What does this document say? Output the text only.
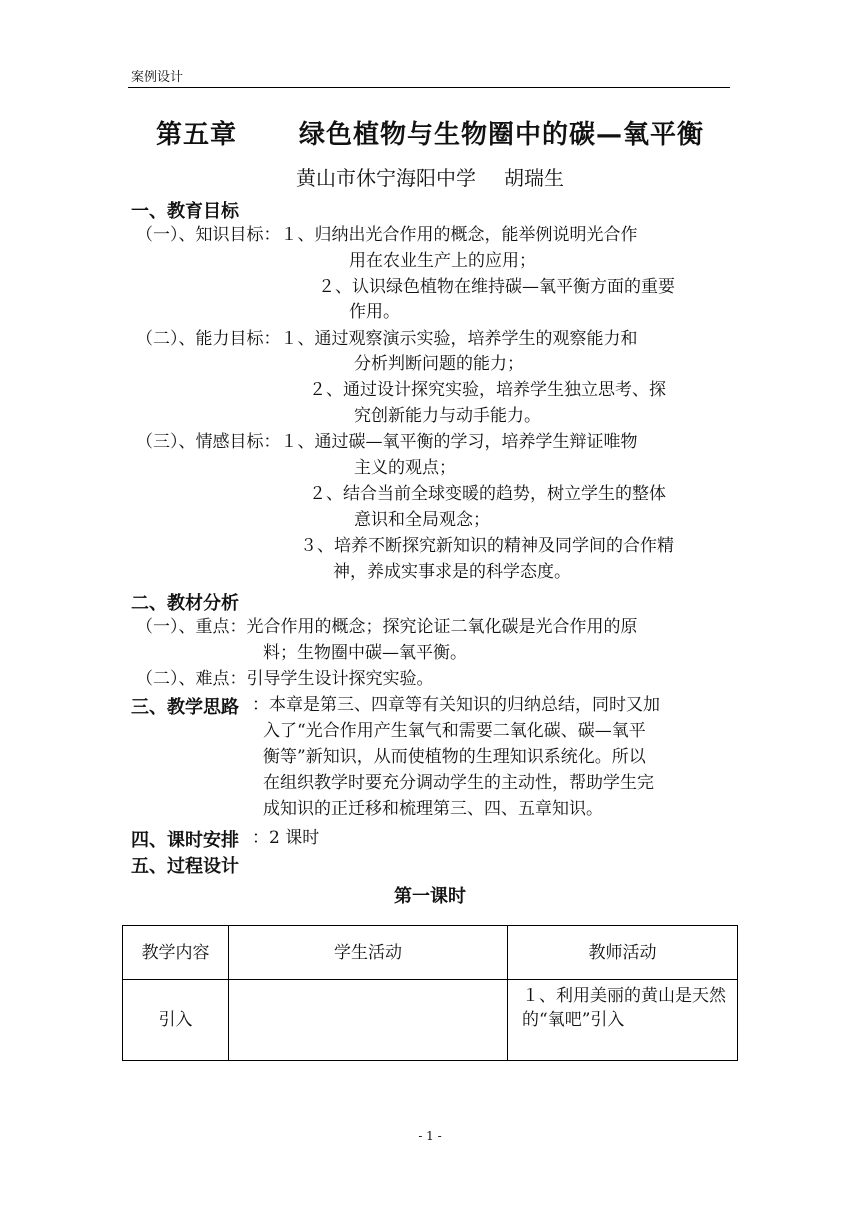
案例设计
第五章 绿色植物与生物圈中的碳—氧平衡
黄山市休宁海阳中学 胡瑞生
一、教育目标
（一）、知识目标：１、归纳出光合作用的概念，能举例说明光合作
用在农业生产上的应用；
２、认识绿色植物在维持碳—氧平衡方面的重要
作用。
（二）、能力目标：１、通过观察演示实验，培养学生的观察能力和
分析判断问题的能力；
２、通过设计探究实验，培养学生独立思考、探
究创新能力与动手能力。
（三）、情感目标：１、通过碳—氧平衡的学习，培养学生辩证唯物
主义的观点；
２、结合当前全球变暖的趋势，树立学生的整体
意识和全局观念；
３、培养不断探究新知识的精神及同学间的合作精
神，养成实事求是的科学态度。
二、教材分析
（一）、重点：光合作用的概念；探究论证二氧化碳是光合作用的原
料；生物圈中碳—氧平衡。
（二）、难点：引导学生设计探究实验。
三、教学思路 ：本章是第三、四章等有关知识的归纳总结，同时又加
入了“光合作用产生氧气和需要二氧化碳、碳—氧平
衡等”新知识，从而使植物的生理知识系统化。所以
在组织教学时要充分调动学生的主动性，帮助学生完
成知识的正迁移和梳理第三、四、五章知识。
四、课时安排 ：2 课时
五、过程设计
第一课时
教学内容	学生活动	教师活动
引入		１、利用美丽的黄山是天然的“氧吧”引入
- 1 -
